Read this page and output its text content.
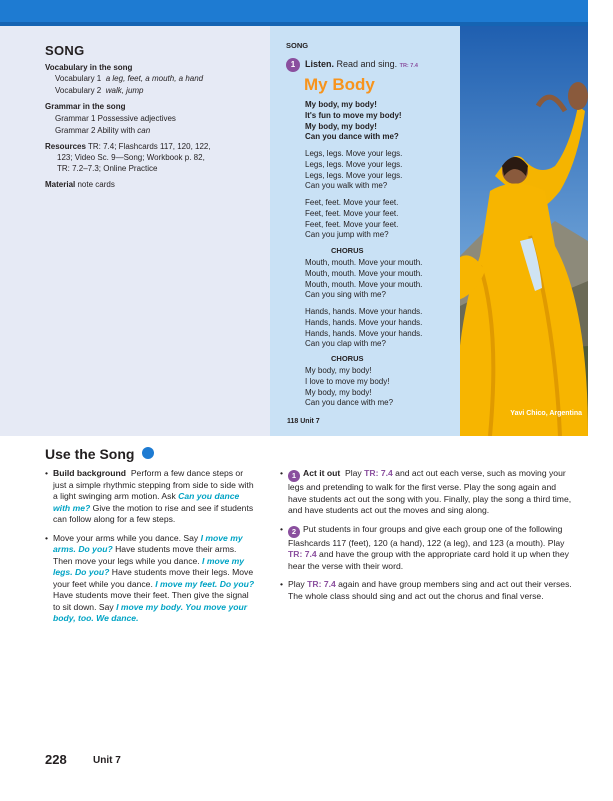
SONG
Vocabulary in the song
Vocabulary 1 a leg, feet, a mouth, a hand
Vocabulary 2 walk, jump
Grammar in the song
Grammar 1 Possessive adjectives
Grammar 2 Ability with can
Resources TR: 7.4; Flashcards 117, 120, 122,
123; Video Sc. 9—Song; Workbook p. 82,
TR: 7.2–7.3; Online Practice
Material note cards
SONG
1	Listen. Read and sing. TR: 7.4
My Body
My body, my body!
It's fun to move my body!
My body, my body!
Can you dance with me?
Legs, legs. Move your legs.
Legs, legs. Move your legs.
Legs, legs. Move your legs.
Can you walk with me?
Feet, feet. Move your feet.
Feet, feet. Move your feet.
Feet, feet. Move your feet.
Can you jump with me?
CHORUS
Mouth, mouth. Move your mouth.
Mouth, mouth. Move your mouth.
Mouth, mouth. Move your mouth.
Can you sing with me?
Hands, hands. Move your hands.
Hands, hands. Move your hands.
Hands, hands. Move your hands.
Can you clap with me?
CHORUS
My body, my body!
I love to move my body!
My body, my body!
Can you dance with me?
118 Unit 7
Yavi Chico, Argentina
Use the Song
• Build background Perform a few dance steps or just a simple rhythmic stepping from side to side with a light swinging arm motion. Ask Can you dance with me? Give the motion to rise and see if students can follow along for a few steps.
• Move your arms while you dance. Say I move my arms. Do you? Have students move their arms. Then move your legs while you dance. I move my legs. Do you? Have students move their legs. Move your feet while you dance. I move my feet. Do you? Have students move their feet. Then give the signal to sit down. Say I move my body. You move your body, too. We dance.
• 1 Act it out Play TR: 7.4 and act out each verse, such as moving your legs and pretending to walk for the first verse. Play the song again and have students act out the song with you. Finally, play the song a third time, and have students act out the moves and sing along.
• 2 Put students in four groups and give each group one of the following Flashcards 117 (feet), 120 (a hand), 122 (a leg), and 123 (a mouth). Play TR: 7.4 and have the group with the appropriate card hold it up when they hear the verse with their word.
• Play TR: 7.4 again and have group members sing and act out their verses. The whole class should sing and act out the chorus and final verse.
228	Unit 7
